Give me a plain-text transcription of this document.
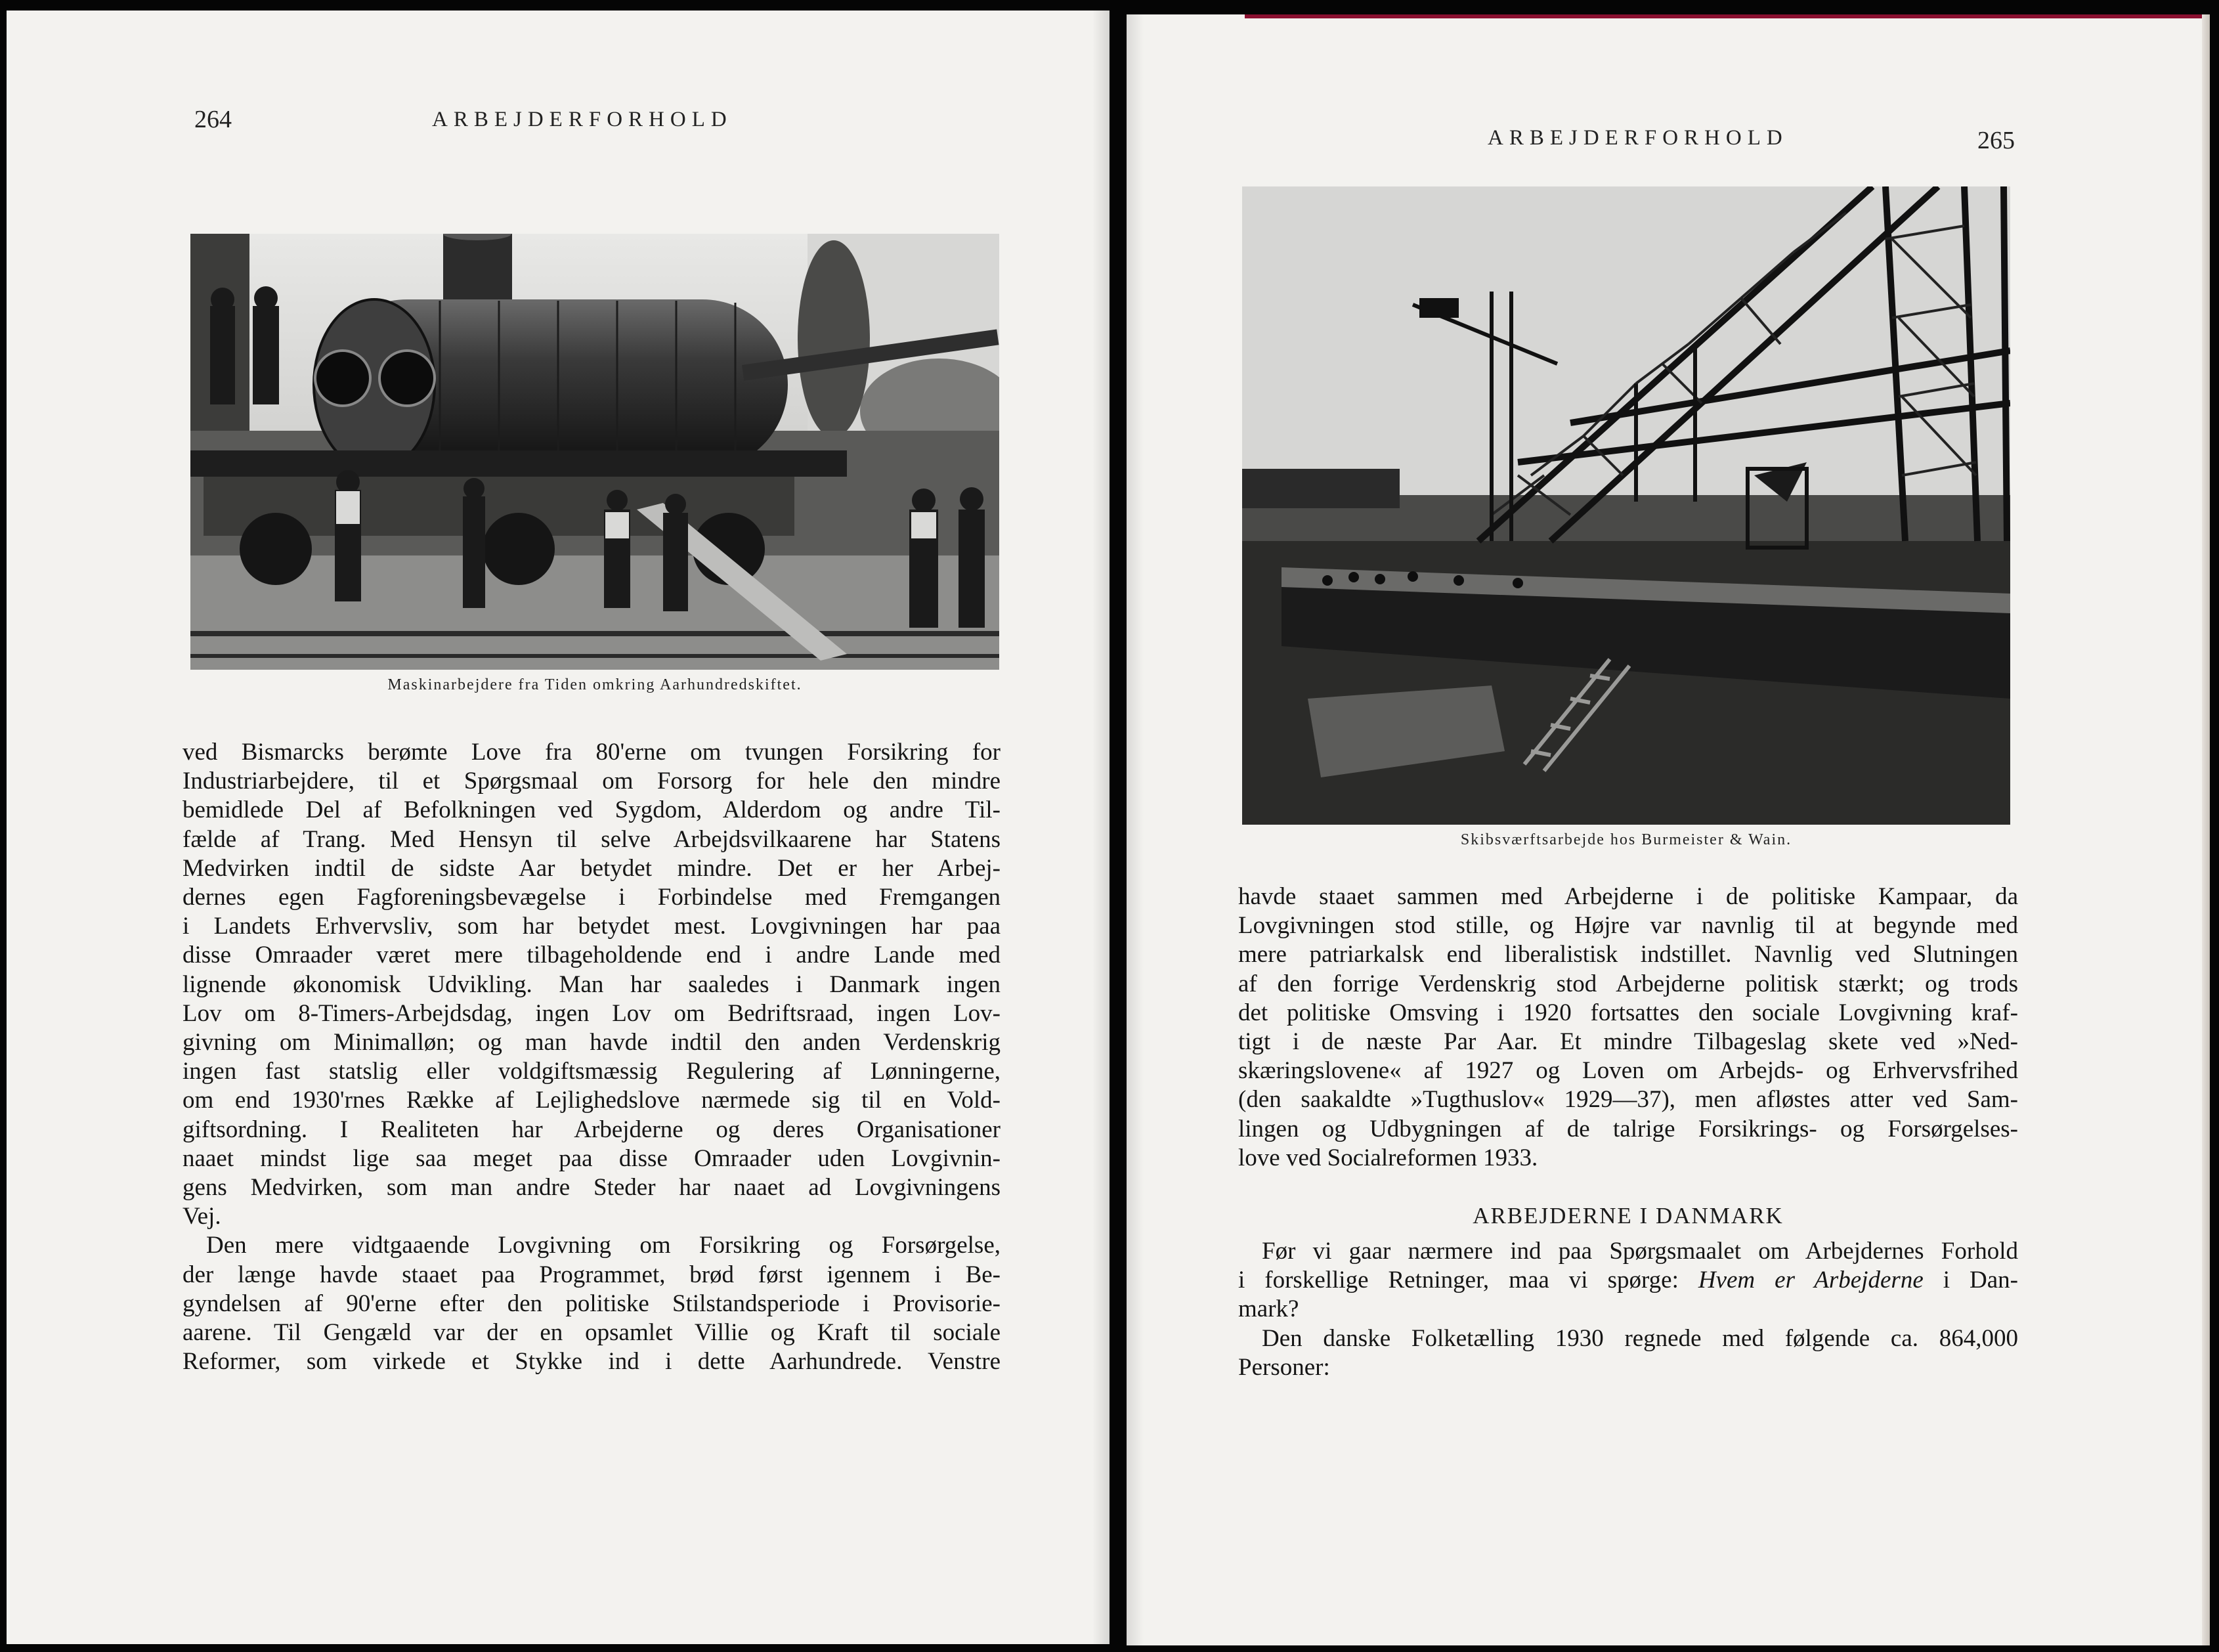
264	ARBEJDERFORHOLD
Maskinarbejdere fra Tiden omkring Aarhundredskiftet.
ved Bismarcks berømte Love fra 80'erne om tvungen Forsikring for
Industriarbejdere, til et Spørgsmaal om Forsorg for hele den mindre
bemidlede Del af Befolkningen ved Sygdom, Alderdom og andre Til-
fælde af Trang. Med Hensyn til selve Arbejdsvilkaarene har Statens
Medvirken indtil de sidste Aar betydet mindre. Det er her Arbej-
dernes egen Fagforeningsbevægelse i Forbindelse med Fremgangen
i Landets Erhvervsliv, som har betydet mest. Lovgivningen har paa
disse Omraader været mere tilbageholdende end i andre Lande med
lignende økonomisk Udvikling. Man har saaledes i Danmark ingen
Lov om 8-Timers-Arbejdsdag, ingen Lov om Bedriftsraad, ingen Lov-
givning om Minimalløn; og man havde indtil den anden Verdenskrig
ingen fast statslig eller voldgiftsmæssig Regulering af Lønningerne,
om end 1930'rnes Række af Lejlighedslove nærmede sig til en Vold-
giftsordning. I Realiteten har Arbejderne og deres Organisationer
naaet mindst lige saa meget paa disse Omraader uden Lovgivnin-
gens Medvirken, som man andre Steder har naaet ad Lovgivningens
Vej.
Den mere vidtgaaende Lovgivning om Forsikring og Forsørgelse,
der længe havde staaet paa Programmet, brød først igennem i Be-
gyndelsen af 90'erne efter den politiske Stilstandsperiode i Provisorie-
aarene. Til Gengæld var der en opsamlet Villie og Kraft til sociale
Reformer, som virkede et Stykke ind i dette Aarhundrede. Venstre
ARBEJDERFORHOLD	265
Skibsværftsarbejde hos Burmeister & Wain.
havde staaet sammen med Arbejderne i de politiske Kampaar, da
Lovgivningen stod stille, og Højre var navnlig til at begynde med
mere patriarkalsk end liberalistisk indstillet. Navnlig ved Slutningen
af den forrige Verdenskrig stod Arbejderne politisk stærkt; og trods
det politiske Omsving i 1920 fortsattes den sociale Lovgivning kraf-
tigt i de næste Par Aar. Et mindre Tilbageslag skete ved »Ned-
skæringslovene« af 1927 og Loven om Arbejds- og Erhvervsfrihed
(den saakaldte »Tugthuslov« 1929—37), men afløstes atter ved Sam-
lingen og Udbygningen af de talrige Forsikrings- og Forsørgelses-
love ved Socialreformen 1933.
ARBEJDERNE I DANMARK
Før vi gaar nærmere ind paa Spørgsmaalet om Arbejdernes Forhold
i forskellige Retninger, maa vi spørge: Hvem er Arbejderne i Dan-
mark?
Den danske Folketælling 1930 regnede med følgende ca. 864,000
Personer:
